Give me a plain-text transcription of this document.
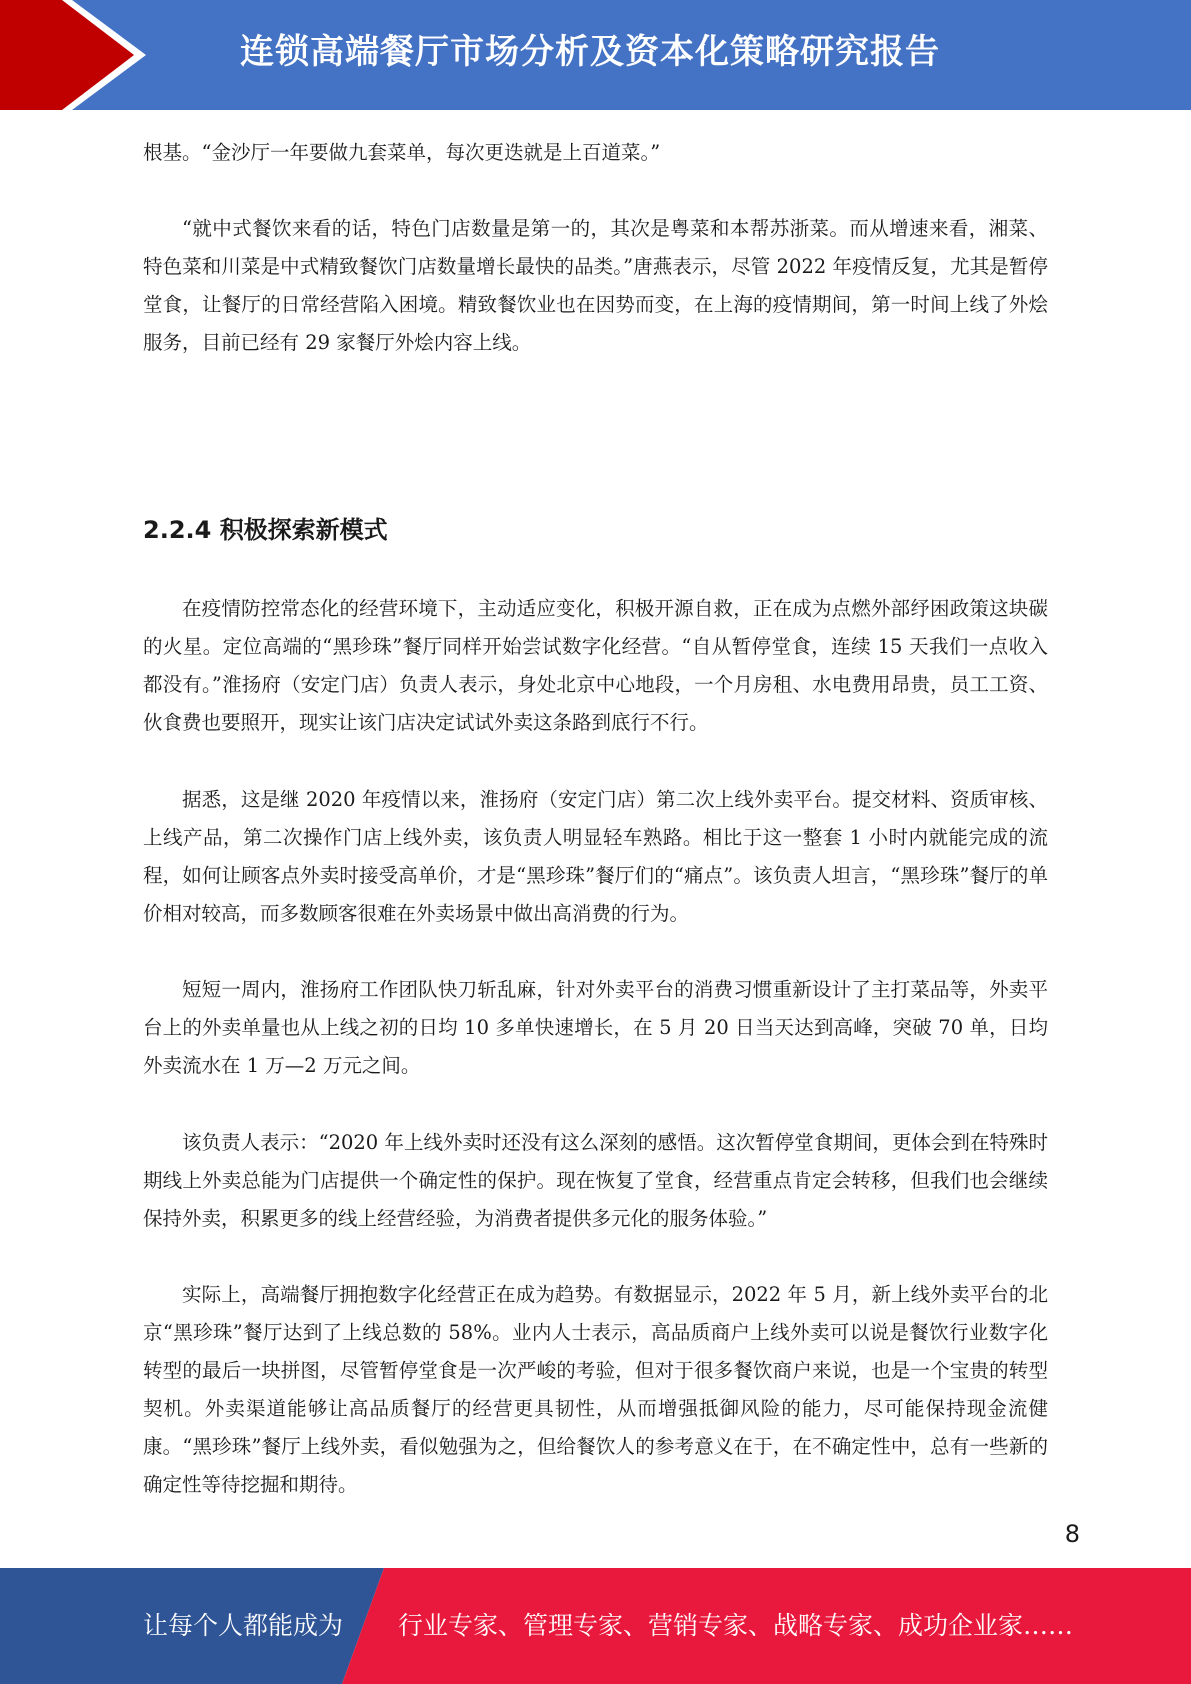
连锁高端餐厅市场分析及资本化策略研究报告

根基。“金沙厅一年要做九套菜单，每次更迭就是上百道菜。”

“就中式餐饮来看的话，特色门店数量是第一的，其次是粤菜和本帮苏浙菜。而从增速来看，湘菜、特色菜和川菜是中式精致餐饮门店数量增长最快的品类。”唐燕表示，尽管 2022 年疫情反复，尤其是暂停堂食，让餐厅的日常经营陷入困境。精致餐饮业也在因势而变，在上海的疫情期间，第一时间上线了外烩服务，目前已经有 29 家餐厅外烩内容上线。

2.2.4 积极探索新模式

在疫情防控常态化的经营环境下，主动适应变化，积极开源自救，正在成为点燃外部纾困政策这块碳的火星。定位高端的“黑珍珠”餐厅同样开始尝试数字化经营。“自从暂停堂食，连续 15 天我们一点收入都没有。”淮扬府（安定门店）负责人表示，身处北京中心地段，一个月房租、水电费用昂贵，员工工资、伙食费也要照开，现实让该门店决定试试外卖这条路到底行不行。

据悉，这是继 2020 年疫情以来，淮扬府（安定门店）第二次上线外卖平台。提交材料、资质审核、上线产品，第二次操作门店上线外卖，该负责人明显轻车熟路。相比于这一整套 1 小时内就能完成的流程，如何让顾客点外卖时接受高单价，才是“黑珍珠”餐厅们的“痛点”。该负责人坦言，“黑珍珠”餐厅的单价相对较高，而多数顾客很难在外卖场景中做出高消费的行为。

短短一周内，淮扬府工作团队快刀斩乱麻，针对外卖平台的消费习惯重新设计了主打菜品等，外卖平台上的外卖单量也从上线之初的日均 10 多单快速增长，在 5 月 20 日当天达到高峰，突破 70 单，日均外卖流水在 1 万—2 万元之间。

该负责人表示：“2020 年上线外卖时还没有这么深刻的感悟。这次暂停堂食期间，更体会到在特殊时期线上外卖总能为门店提供一个确定性的保护。现在恢复了堂食，经营重点肯定会转移，但我们也会继续保持外卖，积累更多的线上经营经验，为消费者提供多元化的服务体验。”

实际上，高端餐厅拥抱数字化经营正在成为趋势。有数据显示，2022 年 5 月，新上线外卖平台的北京“黑珍珠”餐厅达到了上线总数的 58%。业内人士表示，高品质商户上线外卖可以说是餐饮行业数字化转型的最后一块拼图，尽管暂停堂食是一次严峻的考验，但对于很多餐饮商户来说，也是一个宝贵的转型契机。外卖渠道能够让高品质餐厅的经营更具韧性，从而增强抵御风险的能力，尽可能保持现金流健康。“黑珍珠”餐厅上线外卖，看似勉强为之，但给餐饮人的参考意义在于，在不确定性中，总有一些新的确定性等待挖掘和期待。

8
让每个人都能成为 行业专家、管理专家、营销专家、战略专家、成功企业家……
